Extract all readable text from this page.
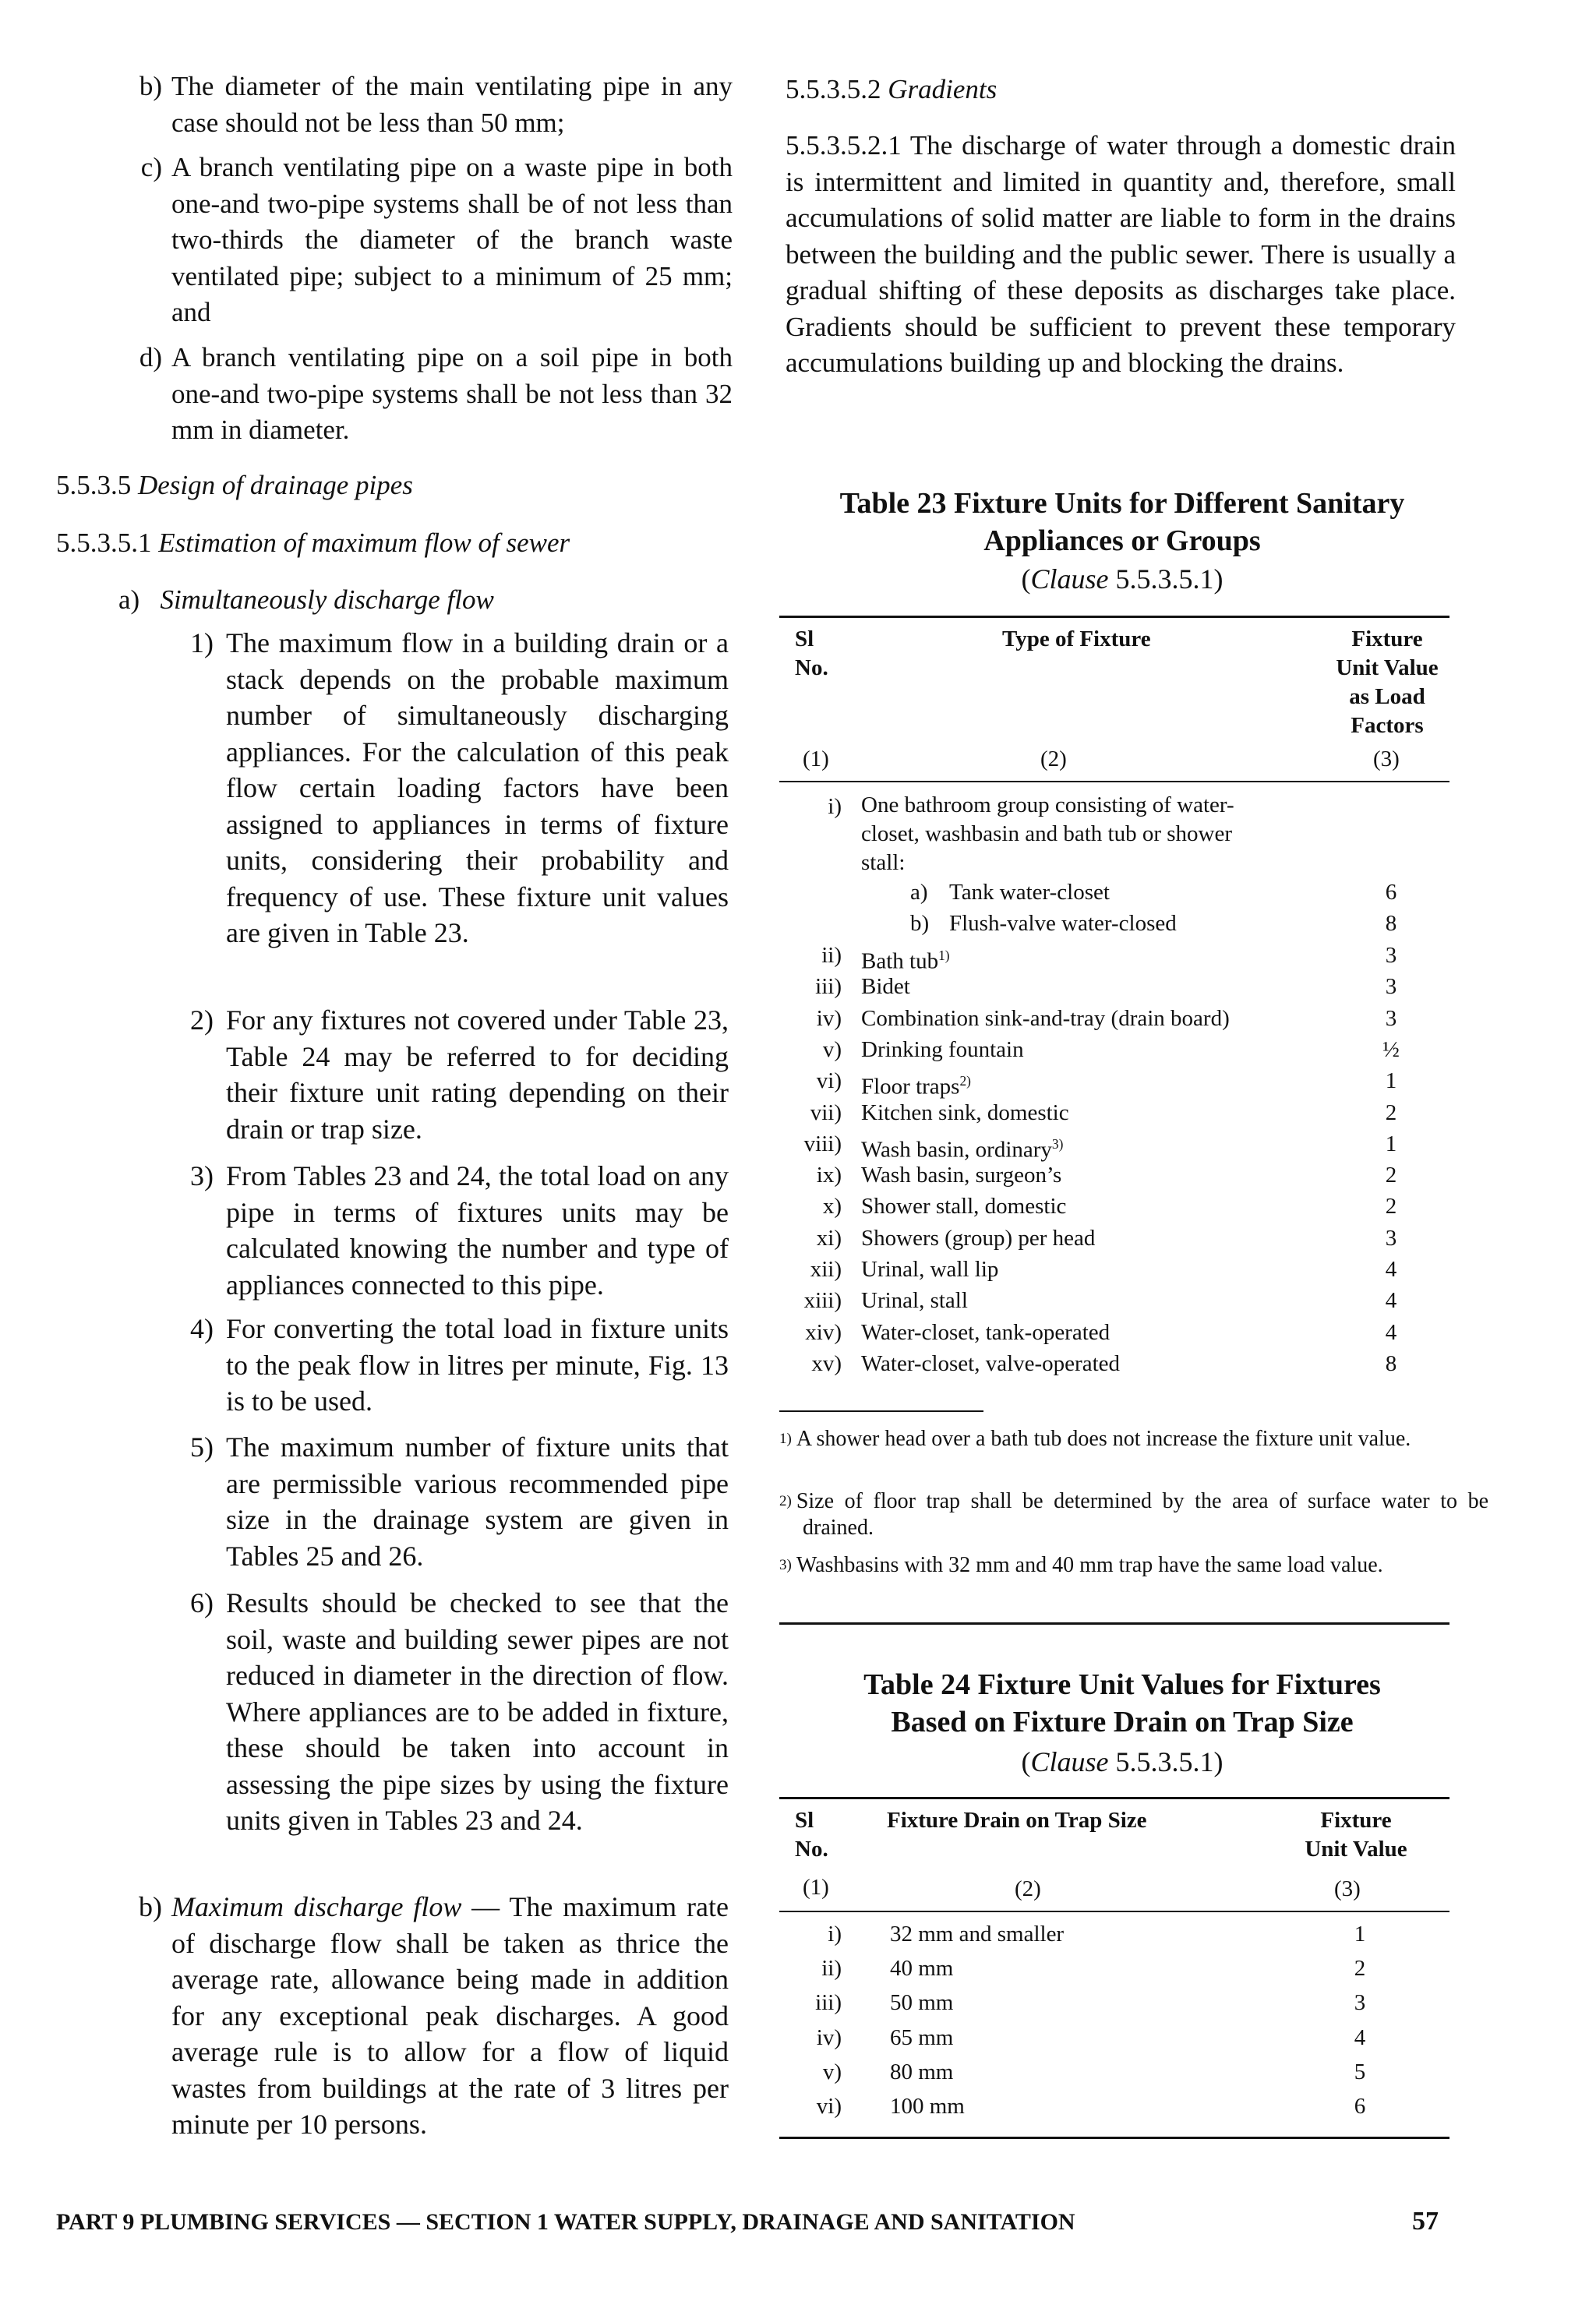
b) The diameter of the main ventilating pipe in any case should not be less than 50 mm;
c) A branch ventilating pipe on a waste pipe in both one-and two-pipe systems shall be of not less than two-thirds the diameter of the branch waste ventilated pipe; subject to a minimum of 25 mm; and
d) A branch ventilating pipe on a soil pipe in both one-and two-pipe systems shall be not less than 32 mm in diameter.
5.5.3.5 Design of drainage pipes
5.5.3.5.1 Estimation of maximum flow of sewer
a) Simultaneously discharge flow
1) The maximum flow in a building drain or a stack depends on the probable maximum number of simultaneously discharging appliances. For the calculation of this peak flow certain loading factors have been assigned to appliances in terms of fixture units, considering their probability and frequency of use. These fixture unit values are given in Table 23.
2) For any fixtures not covered under Table 23, Table 24 may be referred to for deciding their fixture unit rating depending on their drain or trap size.
3) From Tables 23 and 24, the total load on any pipe in terms of fixtures units may be calculated knowing the number and type of appliances connected to this pipe.
4) For converting the total load in fixture units to the peak flow in litres per minute, Fig. 13 is to be used.
5) The maximum number of fixture units that are permissible various recommended pipe size in the drainage system are given in Tables 25 and 26.
6) Results should be checked to see that the soil, waste and building sewer pipes are not reduced in diameter in the direction of flow. Where appliances are to be added in fixture, these should be taken into account in assessing the pipe sizes by using the fixture units given in Tables 23 and 24.
b) Maximum discharge flow — The maximum rate of discharge flow shall be taken as thrice the average rate, allowance being made in addition for any exceptional peak discharges. A good average rule is to allow for a flow of liquid wastes from buildings at the rate of 3 litres per minute per 10 persons.
5.5.3.5.2 Gradients
5.5.3.5.2.1 The discharge of water through a domestic drain is intermittent and limited in quantity and, therefore, small accumulations of solid matter are liable to form in the drains between the building and the public sewer. There is usually a gradual shifting of these deposits as discharges take place. Gradients should be sufficient to prevent these temporary accumulations building up and blocking the drains.
Table 23 Fixture Units for Different Sanitary
Appliances or Groups
(Clause 5.5.3.5.1)
Sl
No.
Type of Fixture	Fixture
Unit Value
as Load
Factors
(1)	(2)	(3)
i) One bathroom group consisting of water-
closet, washbasin and bath tub or shower
stall:
a) Tank water-closet	6
b) Flush-valve water-closed	8
ii) Bath tub$^{1)}$	3
iii) Bidet	3
iv) Combination sink-and-tray (drain board)	3
v) Drinking fountain	½
vi) Floor traps$^{2)}$	1
vii) Kitchen sink, domestic	2
viii) Wash basin, ordinary$^{3)}$	1
ix) Wash basin, surgeon’s	2
x) Shower stall, domestic	2
xi) Showers (group) per head	3
xii) Urinal, wall lip	4
xiii) Urinal, stall	4
xiv) Water-closet, tank-operated	4
xv) Water-closet, valve-operated	8
$^{1)}$ A shower head over a bath tub does not increase the fixture unit value.
$^{2)}$ Size of floor trap shall be determined by the area of surface water to be drained.
$^{3)}$ Washbasins with 32 mm and 40 mm trap have the same load value.
Table 24 Fixture Unit Values for Fixtures
Based on Fixture Drain on Trap Size
(Clause 5.5.3.5.1)
Sl
No.
Fixture Drain on Trap Size	Fixture
Unit Value
(1)	(2)	(3)
i) 32 mm and smaller	1
ii) 40 mm	2
iii) 50 mm	3
iv) 65 mm	4
v) 80 mm	5
vi) 100 mm	6
PART 9 PLUMBING SERVICES — SECTION 1 WATER SUPPLY, DRAINAGE AND SANITATION	57
